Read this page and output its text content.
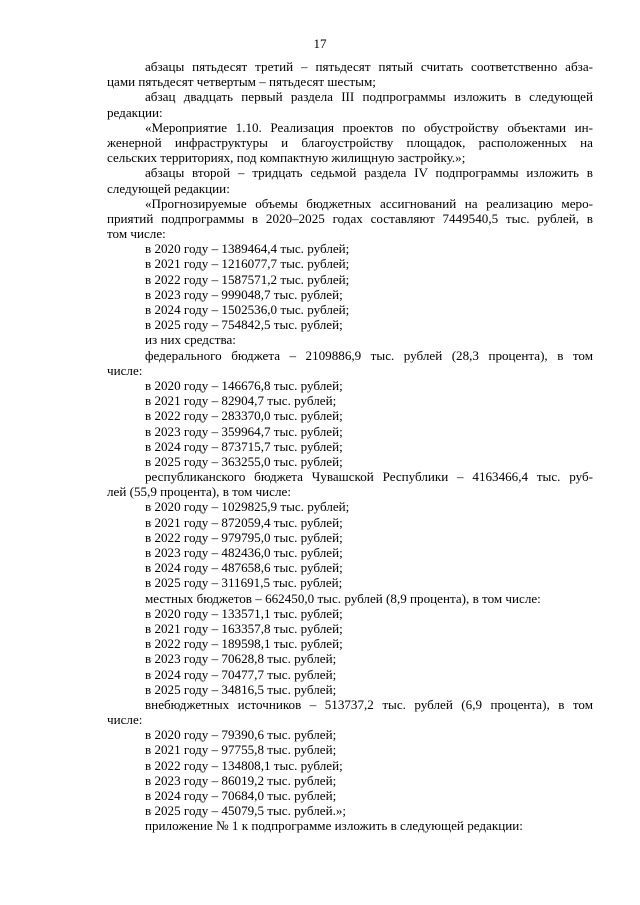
17
абзацы пятьдесят третий – пятьдесят пятый считать соответственно абза-
цами пятьдесят четвертым – пятьдесят шестым;
абзац двадцать первый раздела III подпрограммы изложить в следующей
редакции:
«Мероприятие 1.10. Реализация проектов по обустройству объектами ин-
женерной инфраструктуры и благоустройству площадок, расположенных на
сельских территориях, под компактную жилищную застройку.»;
абзацы второй – тридцать седьмой раздела IV подпрограммы изложить в
следующей редакции:
«Прогнозируемые объемы бюджетных ассигнований на реализацию меро-
приятий подпрограммы в 2020–2025 годах составляют 7449540,5 тыс. рублей, в
том числе:
в 2020 году – 1389464,4 тыс. рублей;
в 2021 году – 1216077,7 тыс. рублей;
в 2022 году – 1587571,2 тыс. рублей;
в 2023 году – 999048,7 тыс. рублей;
в 2024 году – 1502536,0 тыс. рублей;
в 2025 году – 754842,5 тыс. рублей;
из них средства:
федерального бюджета – 2109886,9 тыс. рублей (28,3 процента), в том
числе:
в 2020 году – 146676,8 тыс. рублей;
в 2021 году – 82904,7 тыс. рублей;
в 2022 году – 283370,0 тыс. рублей;
в 2023 году – 359964,7 тыс. рублей;
в 2024 году – 873715,7 тыс. рублей;
в 2025 году – 363255,0 тыс. рублей;
республиканского бюджета Чувашской Республики – 4163466,4 тыс. руб-
лей (55,9 процента), в том числе:
в 2020 году – 1029825,9 тыс. рублей;
в 2021 году – 872059,4 тыс. рублей;
в 2022 году – 979795,0 тыс. рублей;
в 2023 году – 482436,0 тыс. рублей;
в 2024 году – 487658,6 тыс. рублей;
в 2025 году – 311691,5 тыс. рублей;
местных бюджетов – 662450,0 тыс. рублей (8,9 процента), в том числе:
в 2020 году – 133571,1 тыс. рублей;
в 2021 году – 163357,8 тыс. рублей;
в 2022 году – 189598,1 тыс. рублей;
в 2023 году – 70628,8 тыс. рублей;
в 2024 году – 70477,7 тыс. рублей;
в 2025 году – 34816,5 тыс. рублей;
внебюджетных источников – 513737,2 тыс. рублей (6,9 процента), в том
числе:
в 2020 году – 79390,6 тыс. рублей;
в 2021 году – 97755,8 тыс. рублей;
в 2022 году – 134808,1 тыс. рублей;
в 2023 году – 86019,2 тыс. рублей;
в 2024 году – 70684,0 тыс. рублей;
в 2025 году – 45079,5 тыс. рублей.»;
приложение № 1 к подпрограмме изложить в следующей редакции:
